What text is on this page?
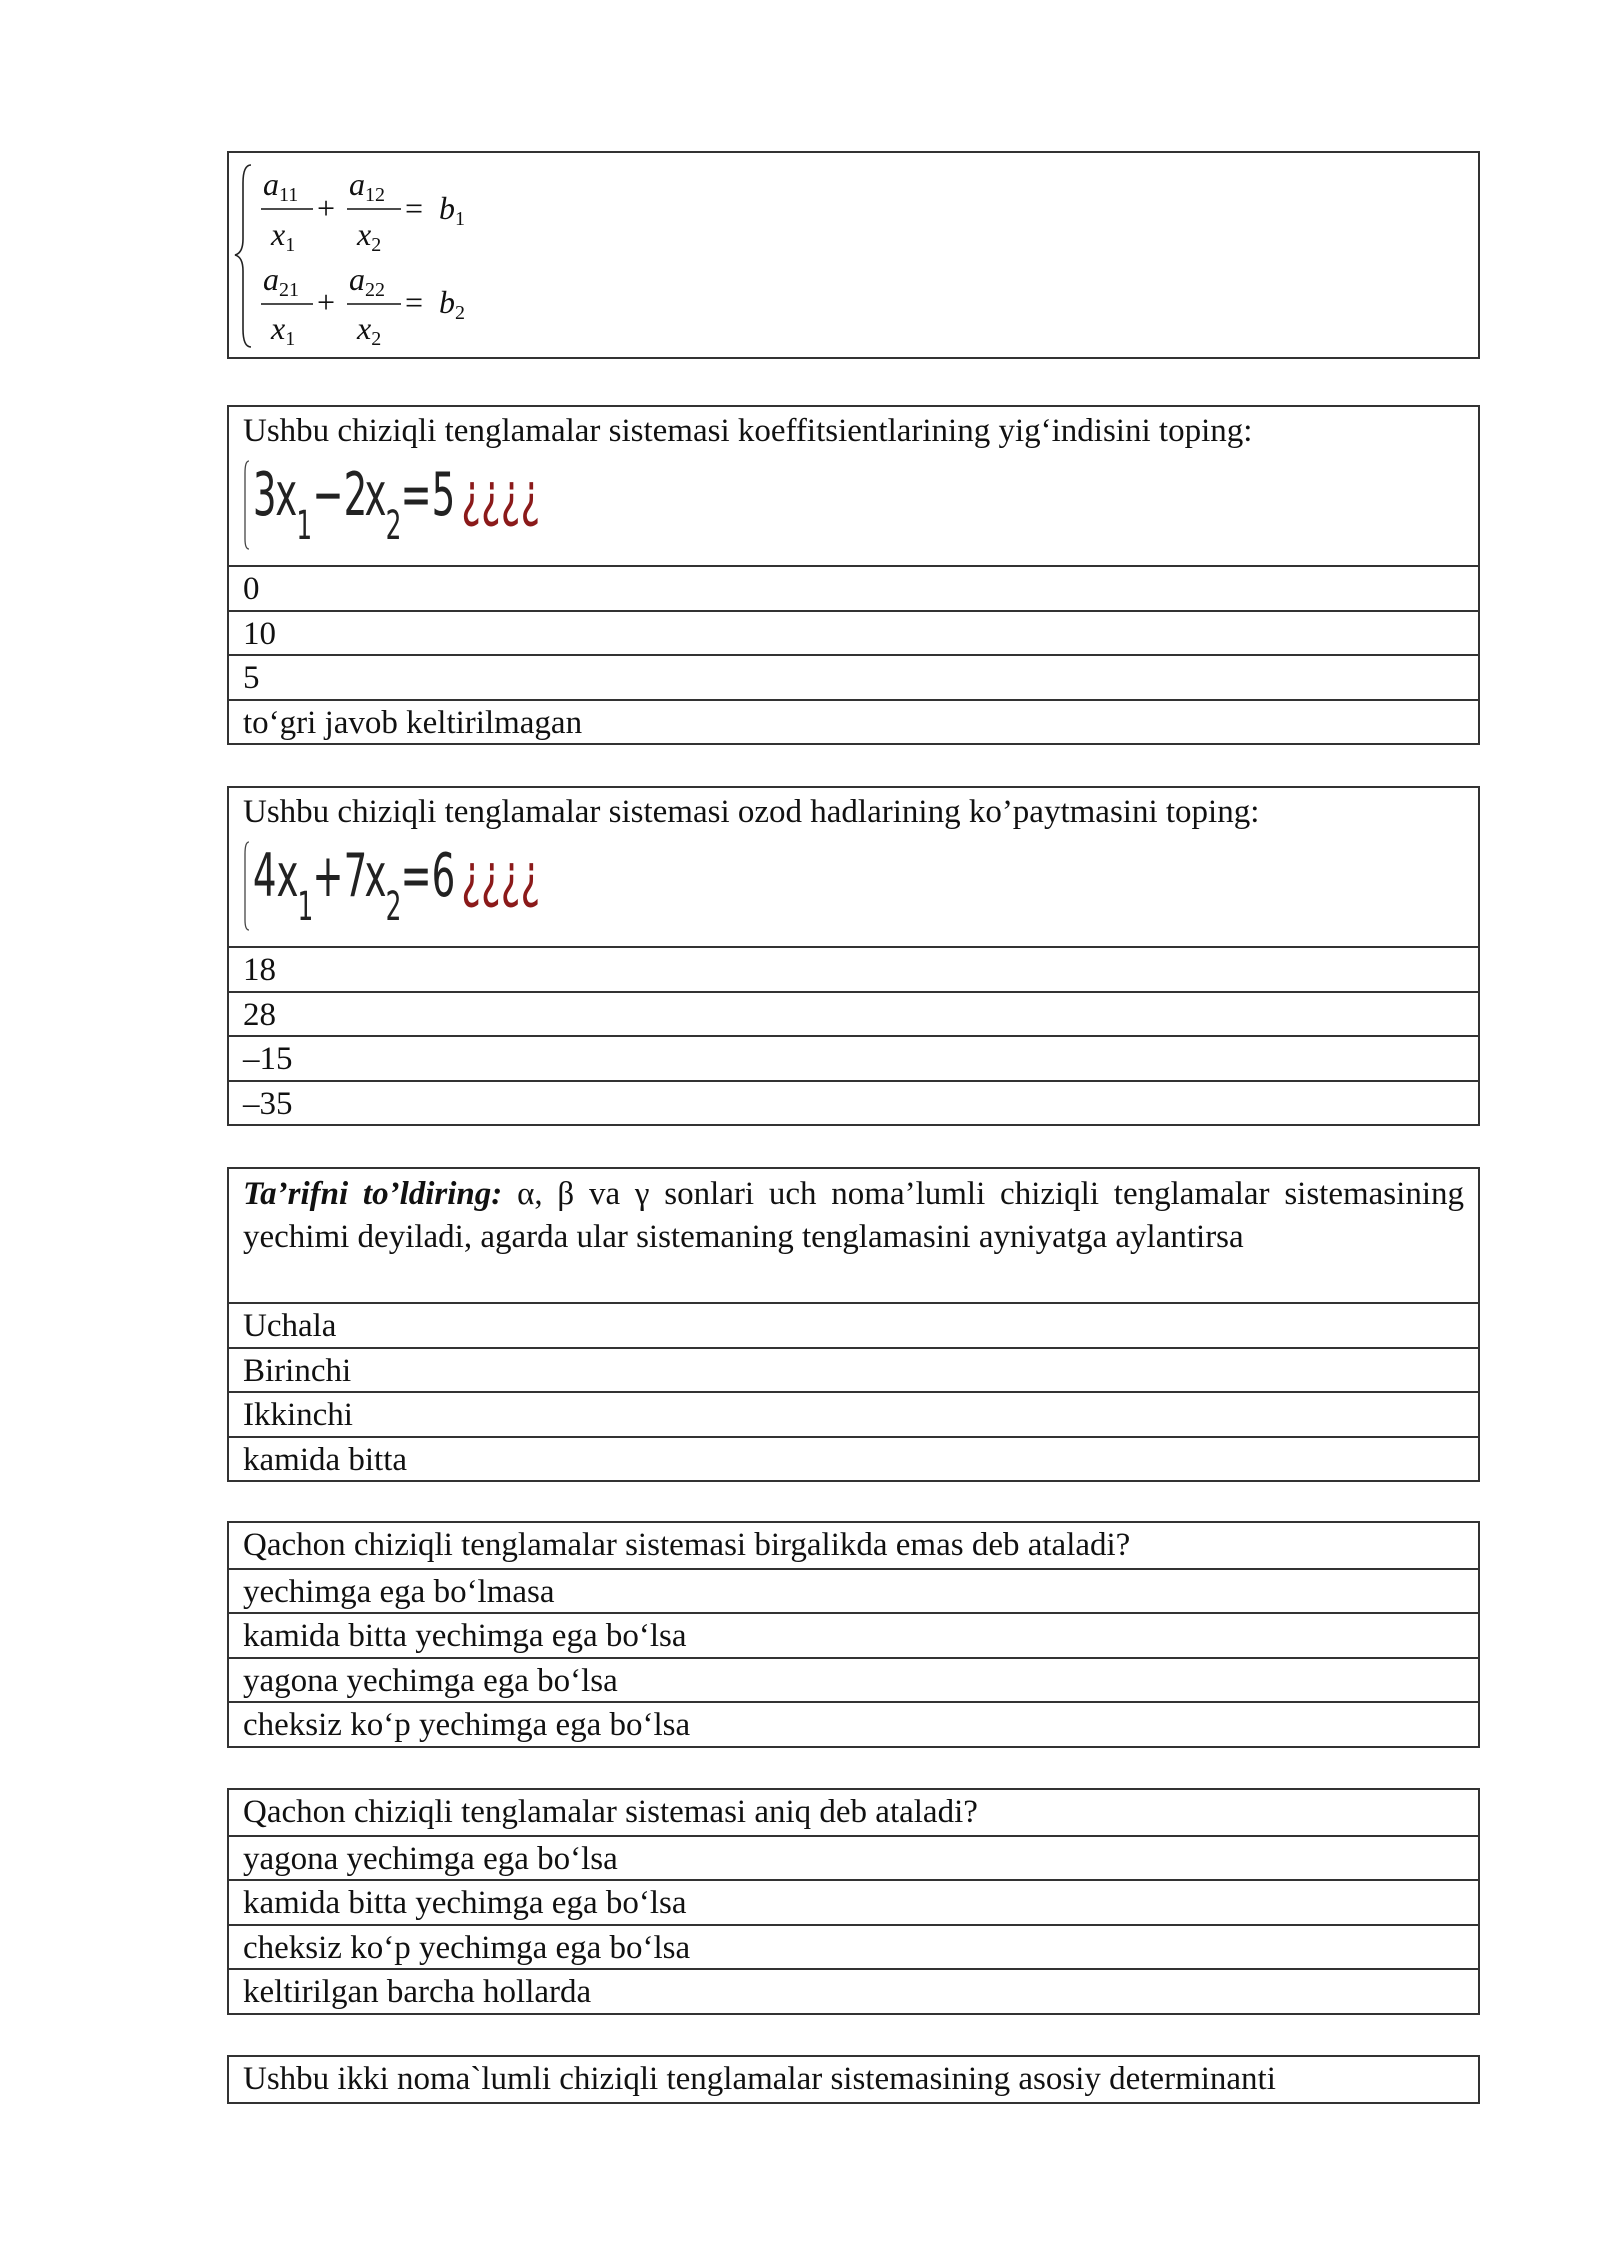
a11
x1
+
a12
x2
= b1
a21
x1
+
a22
x2
= b2
Ushbu chiziqli tenglamalar sistemasi koeffitsientlarining yig‘indisini toping:
3
x 1 −2
x 2 =5 ¿¿¿¿
0
10
5
to‘gri javob keltirilmagan
Ushbu chiziqli tenglamalar sistemasi ozod hadlarining ko’paytmasini toping:
4 x 1 +7
x 2 =6 ¿¿¿¿
18
28
–15
–35
Ta’rifni to’ldiring: α, β va γ sonlari uch noma’lumli chiziqli tenglamalar sistemasining yechimi deyiladi, agarda ular sistemaning tenglamasini ayniyatga aylantirsa
Uchala
Birinchi
Ikkinchi
kamida bitta
Qachon chiziqli tenglamalar sistemasi birgalikda emas deb ataladi?
yechimga ega bo‘lmasa
kamida bitta yechimga ega bo‘lsa
yagona yechimga ega bo‘lsa
cheksiz ko‘p yechimga ega bo‘lsa
Qachon chiziqli tenglamalar sistemasi aniq deb ataladi?
yagona yechimga ega bo‘lsa
kamida bitta yechimga ega bo‘lsa
cheksiz ko‘p yechimga ega bo‘lsa
keltirilgan barcha hollarda
Ushbu ikki noma`lumli chiziqli tenglamalar sistemasining asosiy determinanti
